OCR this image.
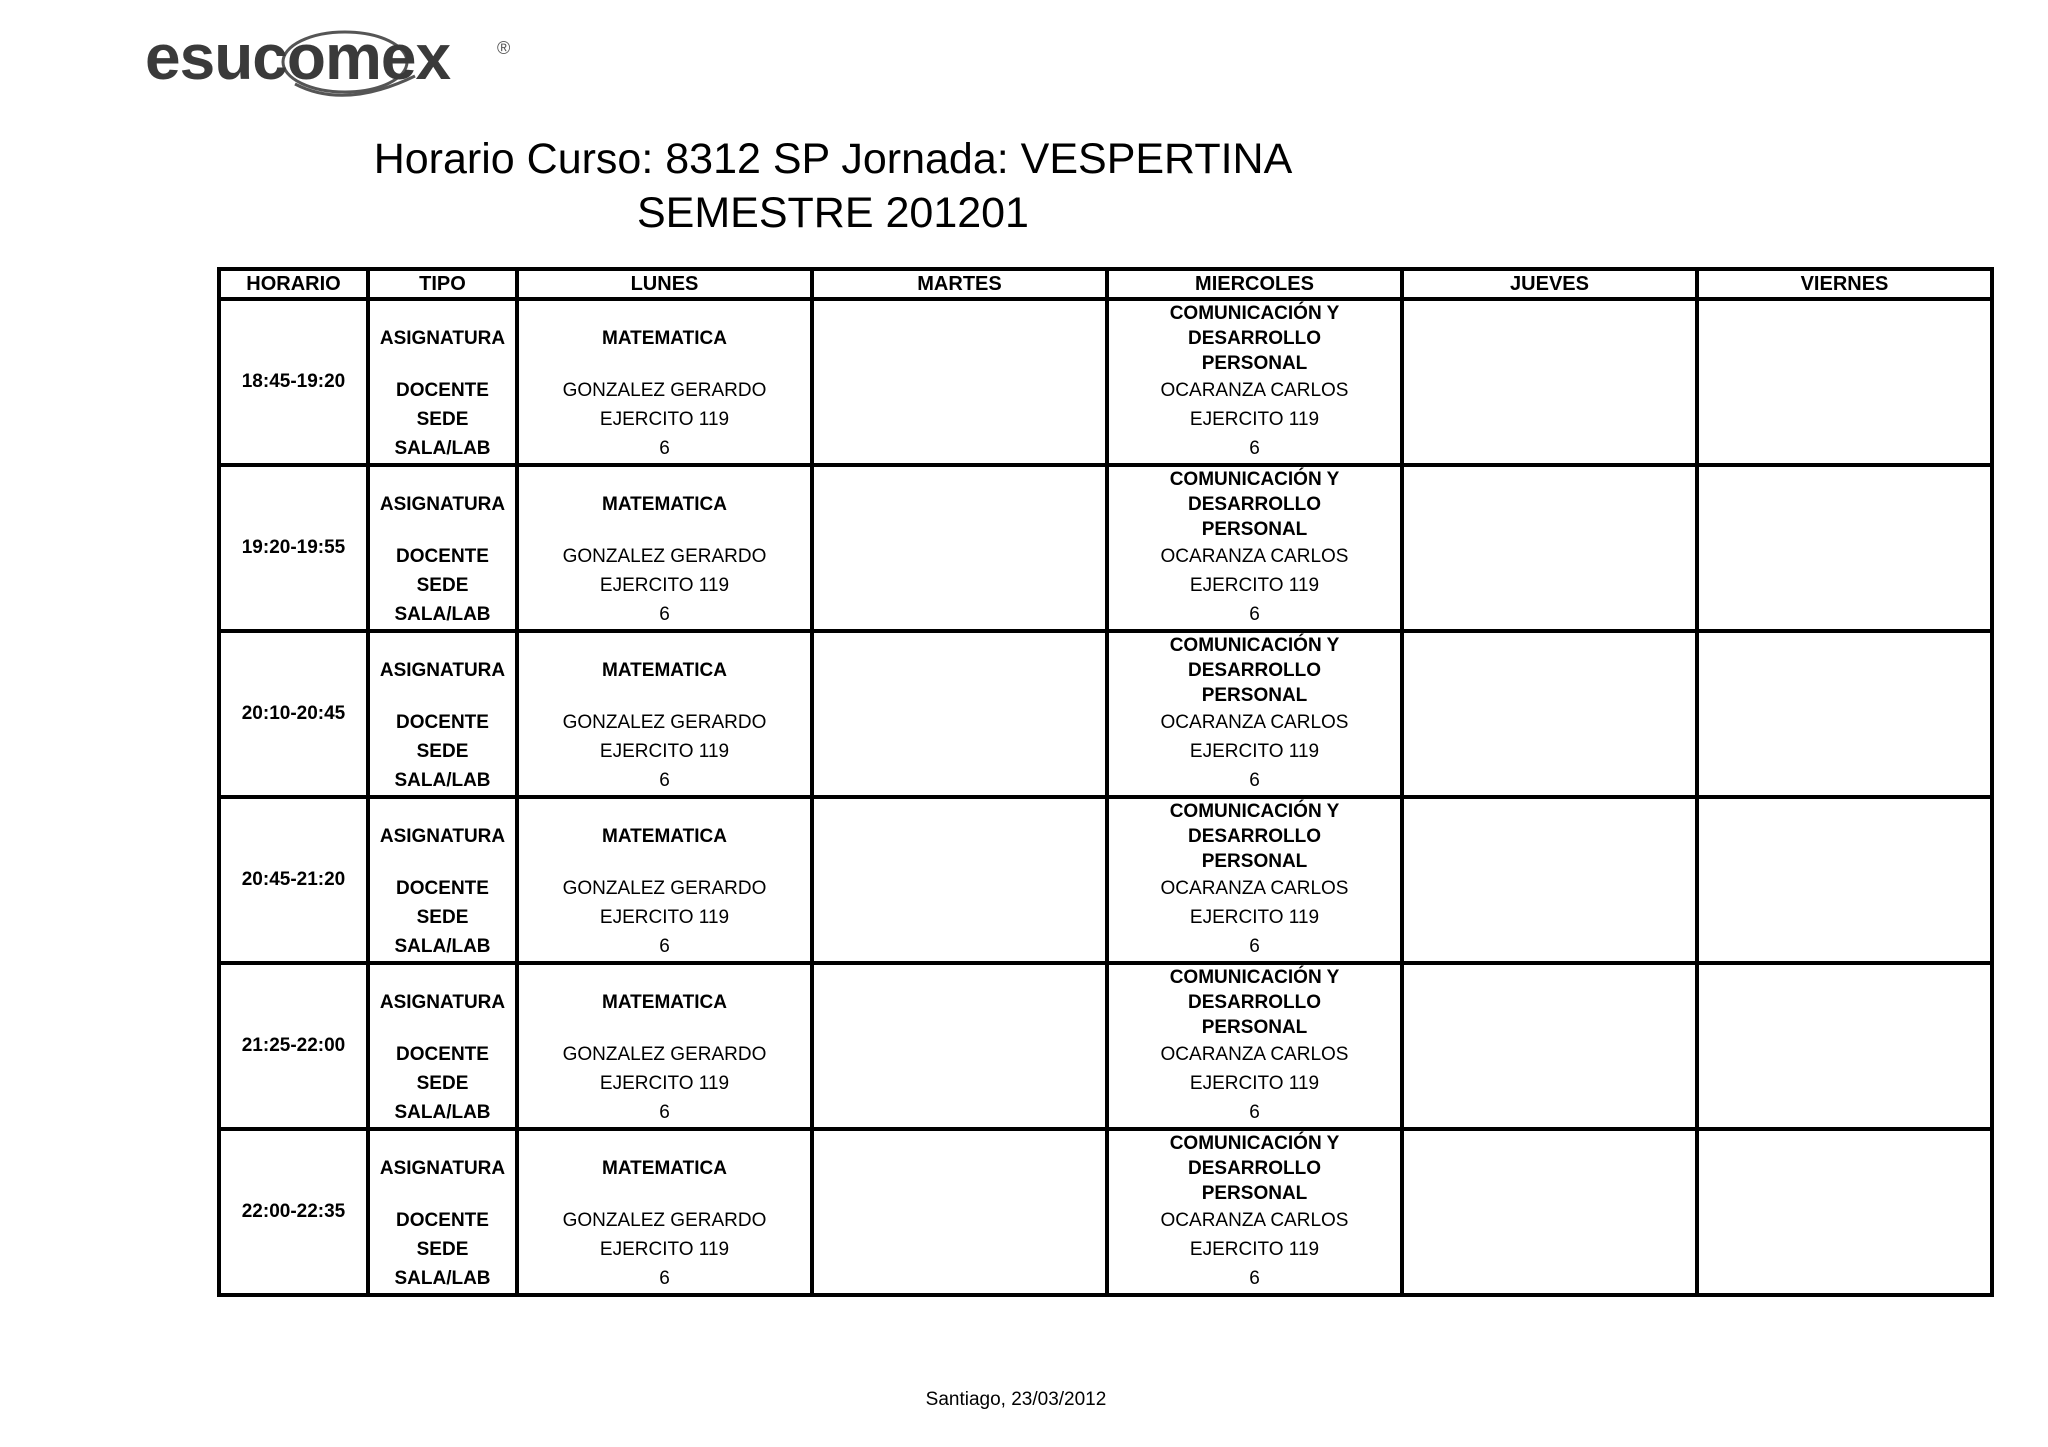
esucomex	®
Horario Curso: 8312 SP Jornada: VESPERTINA
SEMESTRE 201201
HORARIO	TIPO	LUNES	MARTES	MIERCOLES	JUEVES	VIERNES
18:45-19:20	ASIGNATURA	MATEMATICA		COMUNICACIÓN Y DESARROLLO PERSONAL		
	DOCENTE	GONZALEZ GERARDO		OCARANZA CARLOS		
	SEDE	EJERCITO 119		EJERCITO 119		
	SALA/LAB	6		6		
19:20-19:55	ASIGNATURA	MATEMATICA		COMUNICACIÓN Y DESARROLLO PERSONAL		
	DOCENTE	GONZALEZ GERARDO		OCARANZA CARLOS		
	SEDE	EJERCITO 119		EJERCITO 119		
	SALA/LAB	6		6		
20:10-20:45	ASIGNATURA	MATEMATICA		COMUNICACIÓN Y DESARROLLO PERSONAL		
	DOCENTE	GONZALEZ GERARDO		OCARANZA CARLOS		
	SEDE	EJERCITO 119		EJERCITO 119		
	SALA/LAB	6		6		
20:45-21:20	ASIGNATURA	MATEMATICA		COMUNICACIÓN Y DESARROLLO PERSONAL		
	DOCENTE	GONZALEZ GERARDO		OCARANZA CARLOS		
	SEDE	EJERCITO 119		EJERCITO 119		
	SALA/LAB	6		6		
21:25-22:00	ASIGNATURA	MATEMATICA		COMUNICACIÓN Y DESARROLLO PERSONAL		
	DOCENTE	GONZALEZ GERARDO		OCARANZA CARLOS		
	SEDE	EJERCITO 119		EJERCITO 119		
	SALA/LAB	6		6		
22:00-22:35	ASIGNATURA	MATEMATICA		COMUNICACIÓN Y DESARROLLO PERSONAL		
	DOCENTE	GONZALEZ GERARDO		OCARANZA CARLOS		
	SEDE	EJERCITO 119		EJERCITO 119		
	SALA/LAB	6		6		
Santiago, 23/03/2012
